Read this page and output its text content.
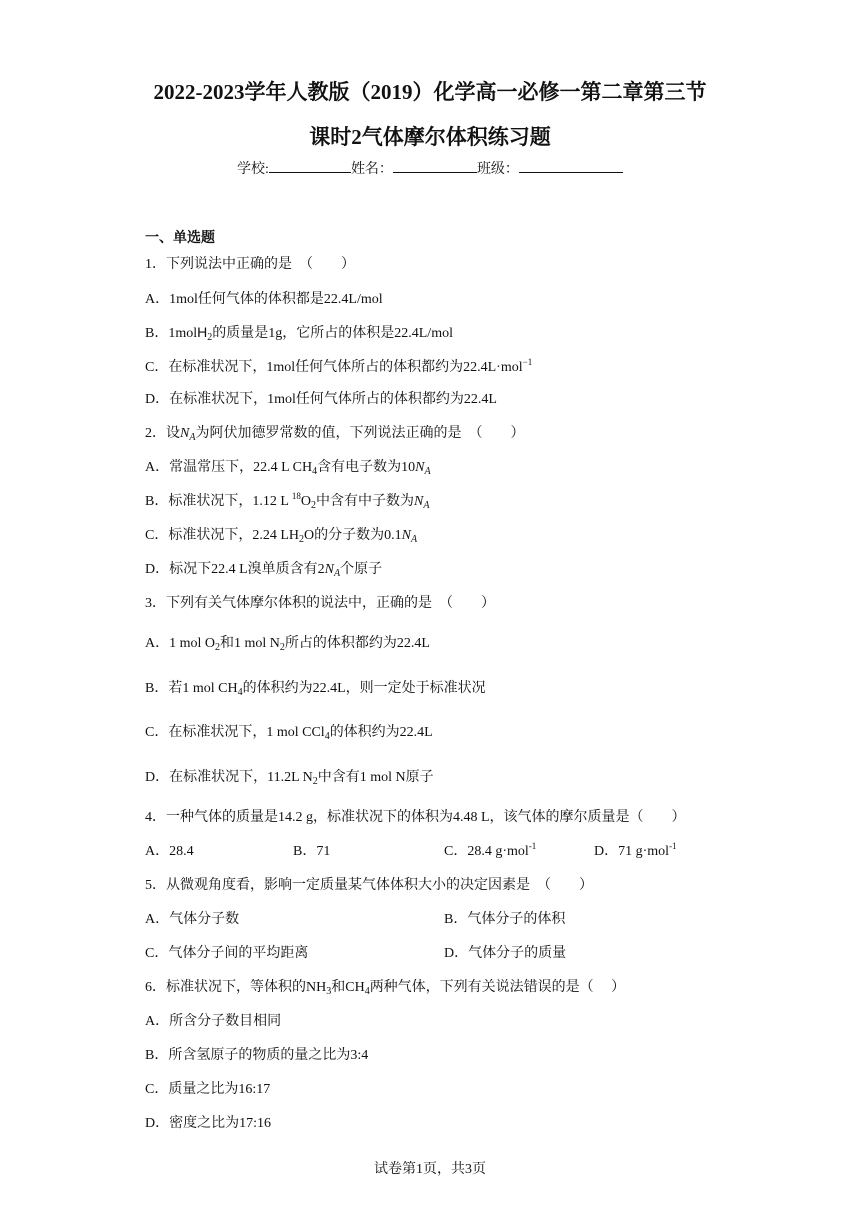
2022-2023学年人教版（2019）化学高一必修一第二章第三节
课时2气体摩尔体积练习题
学校:	姓名：	班级：
一、单选题
1．下列说法中正确的是　（　　）
A．1mol任何气体的体积都是22.4L/mol
B．1molH$_2$的质量是1g，它所占的体积是22.4L/mol
C．在标准状况下，1mol任何气体所占的体积都约为22.4L·mol$^{-1}$
D．在标准状况下，1mol任何气体所占的体积都约为22.4L
2．设$N_A$为阿伏加德罗常数的值，下列说法正确的是　（　　）
A．常温常压下，22.4 L $CH_4$含有电子数为$10N_A$
B．标准状况下，1.12 L $^{18}O_2$中含有中子数为$N_A$
C．标准状况下，2.24 $LH_2O$的分子数为$0.1N_A$
D．标况下22.4 L溴单质含有$2N_A$个原子
3．下列有关气体摩尔体积的说法中，正确的是　（　　）
A．1 mol $O_2$和1 mol $N_2$所占的体积都约为22.4L
B．若1 mol $CH_4$的体积约为22.4L，则一定处于标准状况
C．在标准状况下，1 mol CCl$_4$的体积约为22.4L
D．在标准状况下，11.2L $N_2$中含有1 mol N原子
4．一种气体的质量是14.2 g，标准状况下的体积为4.48 L，该气体的摩尔质量是（　　）
A．28.4	B．71	C．28.4 g·mol$^{-1}$	D．71 g·mol$^{-1}$
5．从微观角度看，影响一定质量某气体体积大小的决定因素是　（　　）
A．气体分子数	B．气体分子的体积
C．气体分子间的平均距离	D．气体分子的质量
6．标准状况下，等体积的$NH_3$和$CH_4$两种气体，下列有关说法错误的是（　 ）
A．所含分子数目相同
B．所含氢原子的物质的量之比为3:4
C．质量之比为16:17
D．密度之比为17:16
试卷第1页，共3页
